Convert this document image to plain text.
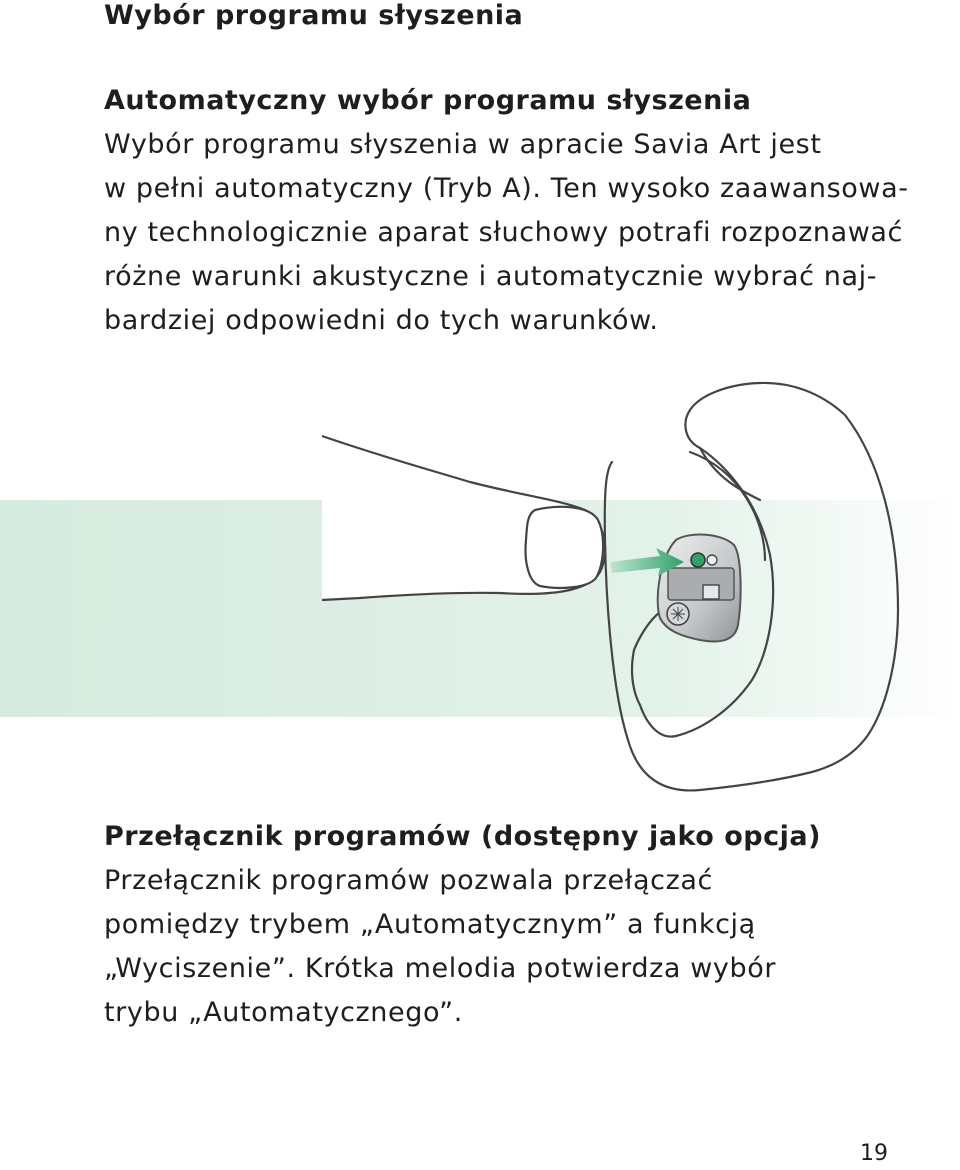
Wybór programu słyszenia
Automatyczny wybór programu słyszenia

Wybór programu słyszenia w apracie Savia Art jest
w pełni automatyczny (Tryb A). Ten wysoko zaawansowa-
ny technologicznie aparat słuchowy potrafi rozpoznawać
różne warunki akustyczne i automatycznie wybrać naj-
bardziej odpowiedni do tych warunków.

Przełącznik programów (dostępny jako opcja)

Przełącznik programów pozwala przełączać
pomiędzy trybem „Automatycznym” a funkcją
„Wyciszenie”. Krótka melodia potwierdza wybór
trybu „Automatycznego”.

19
